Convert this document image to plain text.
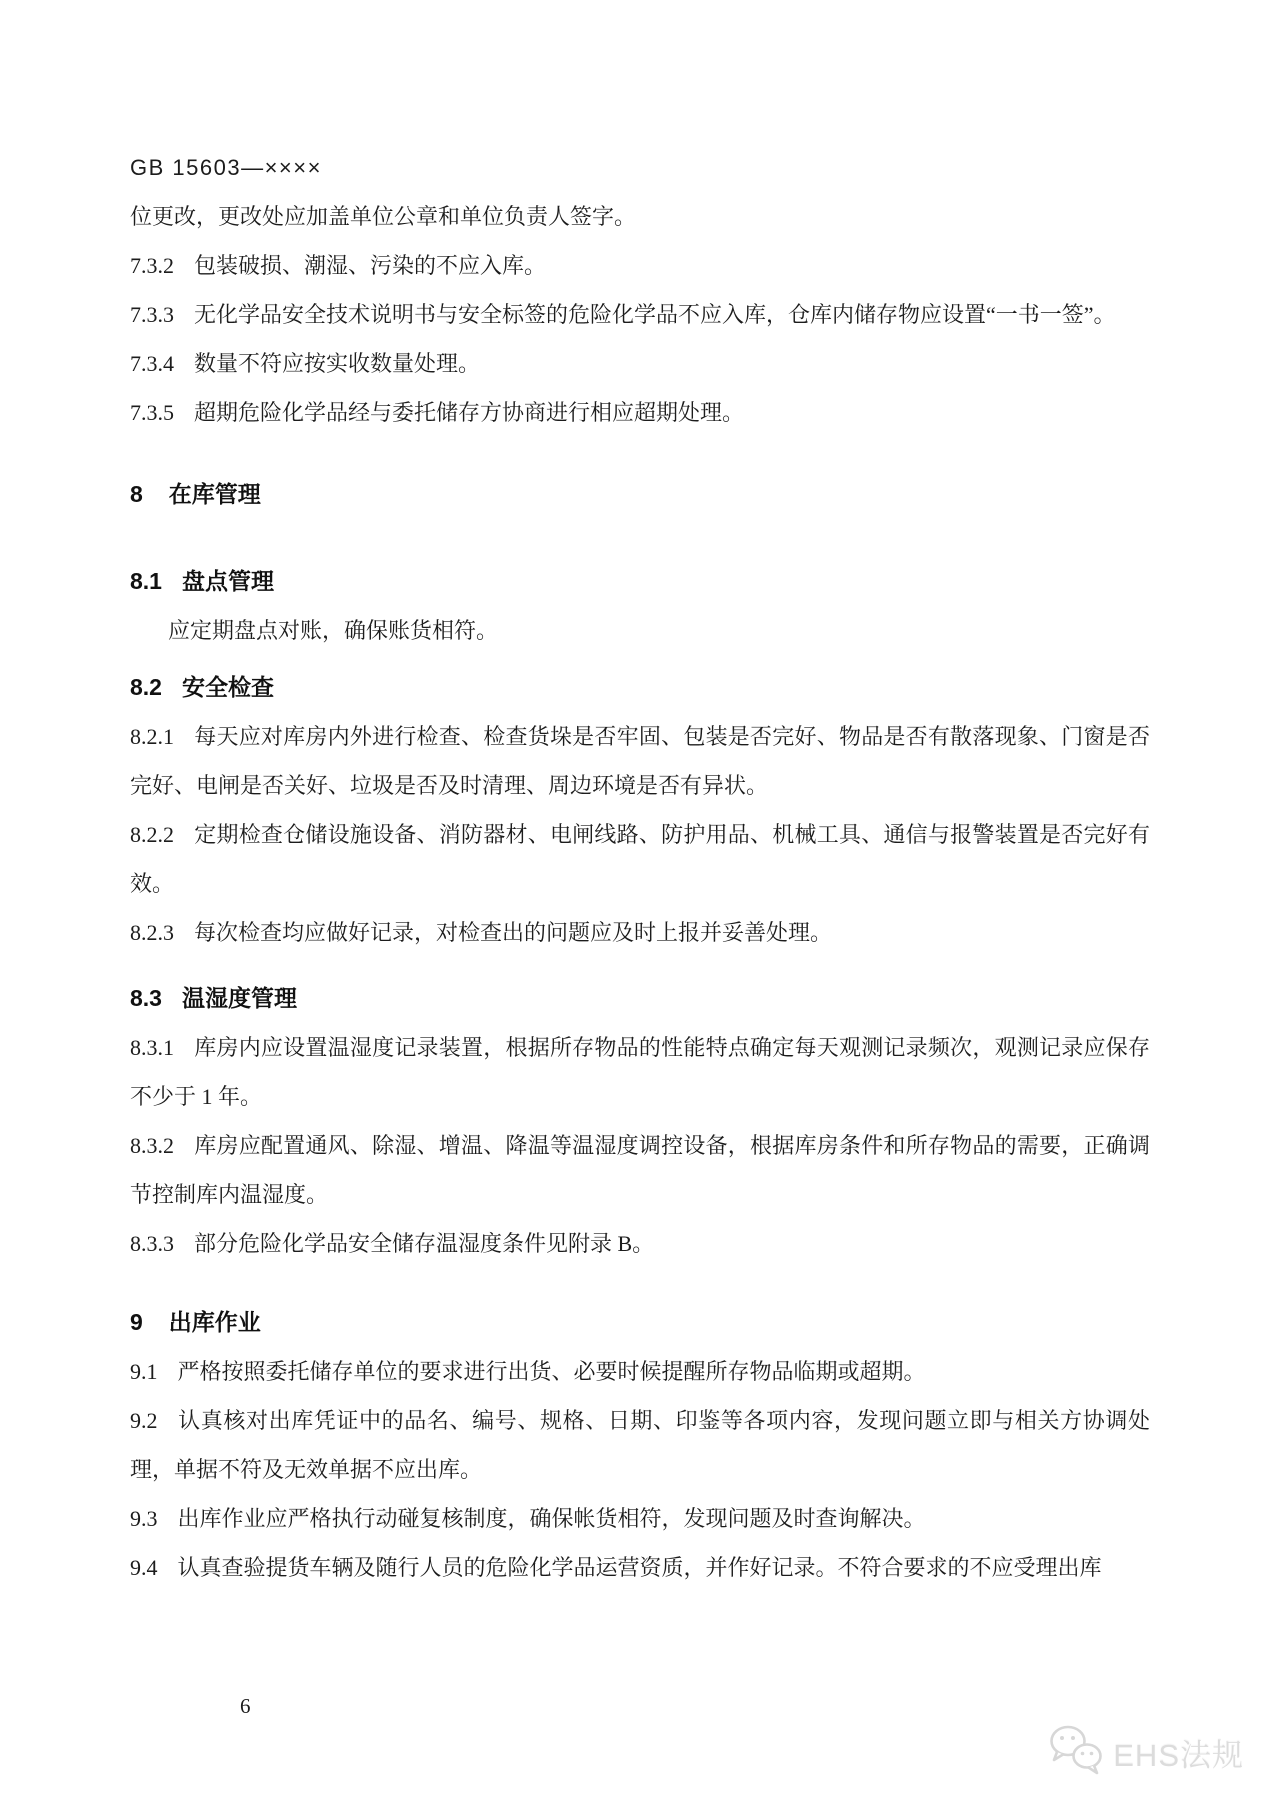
GB 15603—××××

位更改，更改处应加盖单位公章和单位负责人签字。

7.3.2 包装破损、潮湿、污染的不应入库。

7.3.3 无化学品安全技术说明书与安全标签的危险化学品不应入库，仓库内储存物应设置“一书一签”。

7.3.4 数量不符应按实收数量处理。

7.3.5 超期危险化学品经与委托储存方协商进行相应超期处理。

8 在库管理
8.1 盘点管理

应定期盘点对账，确保账货相符。

8.2 安全检查

8.2.1 每天应对库房内外进行检查、检查货垛是否牢固、包装是否完好、物品是否有散落现象、门窗是否完好、电闸是否关好、垃圾是否及时清理、周边环境是否有异状。

8.2.2 定期检查仓储设施设备、消防器材、电闸线路、防护用品、机械工具、通信与报警装置是否完好有效。

8.2.3 每次检查均应做好记录，对检查出的问题应及时上报并妥善处理。

8.3 温湿度管理

8.3.1 库房内应设置温湿度记录装置，根据所存物品的性能特点确定每天观测记录频次，观测记录应保存不少于 1 年。

8.3.2 库房应配置通风、除湿、增温、降温等温湿度调控设备，根据库房条件和所存物品的需要，正确调节控制库内温湿度。

8.3.3 部分危险化学品安全储存温湿度条件见附录 B。

9 出库作业

9.1 严格按照委托储存单位的要求进行出货、必要时候提醒所存物品临期或超期。

9.2 认真核对出库凭证中的品名、编号、规格、日期、印鉴等各项内容，发现问题立即与相关方协调处理，单据不符及无效单据不应出库。

9.3 出库作业应严格执行动碰复核制度，确保帐货相符，发现问题及时查询解决。

9.4 认真查验提货车辆及随行人员的危险化学品运营资质，并作好记录。不符合要求的不应受理出库

6
EHS法规
